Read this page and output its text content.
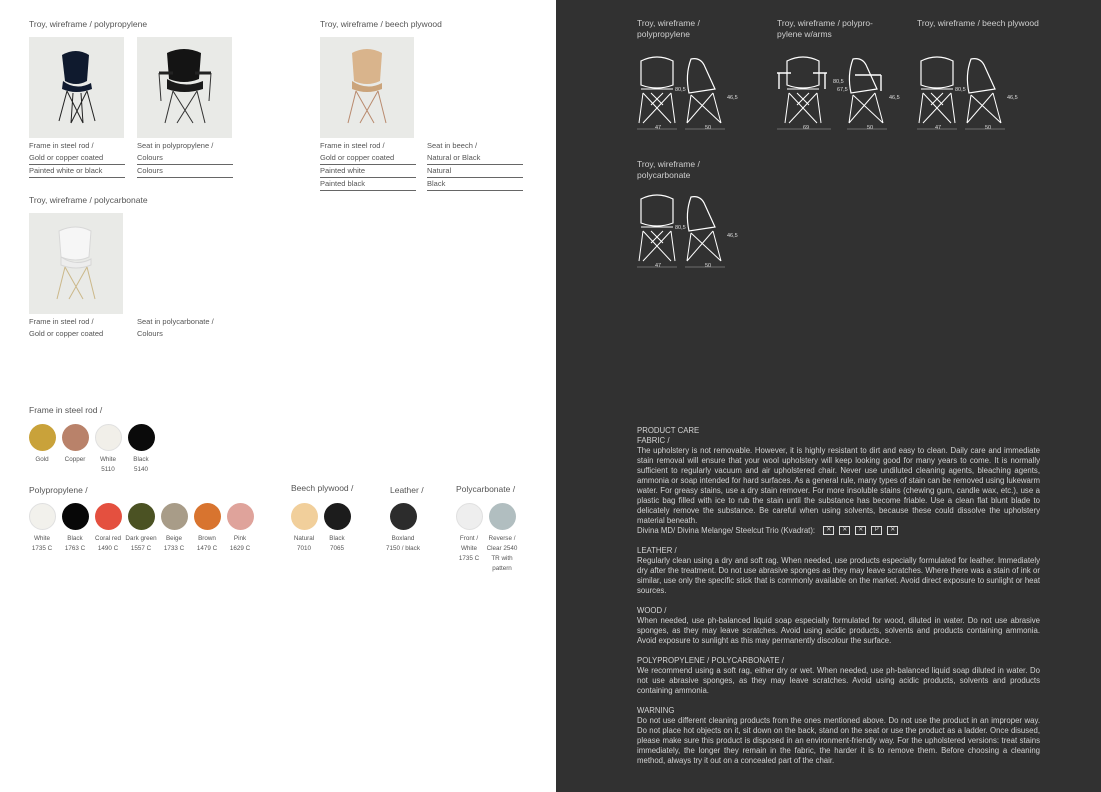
Troy, wireframe / polypropylene	Troy, wireframe / beech plywood
Troy, wireframe / polycarbonate
Frame in steel rod /
Gold or copper coated
Painted white or black
Seat in polypropylene /
Colours
Colours
Frame in steel rod /
Gold or copper coated
Painted white
Painted black
Seat in beech /
Natural or Black
Natural
Black
Frame in steel rod /
Gold or copper coated
Seat in polycarbonate /
Colours
Frame in steel rod /
Polypropylene /	Beech plywood /	Leather /	Polycarbonate /
Gold	Copper	White
5110
Black
5140
White
1735 C
Black
1763 C
Coral red
1490 C
Dark green
1557 C
Beige
1733 C
Brown
1479 C
Pink
1629 C
Natural
7010
Black
7065
Boxland
7150 / black
Front /
White
1735 C
Reverse /
Clear 2540
TR with
pattern
Troy, wireframe /
polypropylene
Troy, wireframe / polypro-
pylene w/arms
Troy, wireframe / beech plywood
Troy, wireframe /
polycarbonate
80,5
46,5
47	50
67,5
80,5
46,5
69	50
80,5
46,5
47	50
80,5
46,5
47	50
PRODUCT CARE
FABRIC /

The upholstery is not removable. However, it is highly resistant to dirt and easy to clean. Daily care and immediate stain removal will ensure that your wool upholstery will keep looking good for many years to come. It is normally sufficient to regularly vacuum and air upholstered chair. Never use undiluted cleaning agents, bleaching agents, ammonia or soap intended for hard surfaces. As a general rule, many types of stain can be removed using lukewarm water. For greasy stains, use a dry stain remover. For more insoluble stains (chewing gum, candle wax, etc.), use a plastic bag filled with ice to rub the stain until the substance has become friable. Use a clean flat blunt blade to delicately remove the substance. Be careful when using solvents, because these could dissolve the upholstery material beneath.

Divina MD/ Divina Melange/ Steelcut Trio (Kvadrat):	✕	✕	✕	P	✕
LEATHER /

Regularly clean using a dry and soft rag. When needed, use products especially formulated for leather. Immediately dry after the treatment. Do not use abrasive sponges as they may leave scratches. Where there was a stain of ink or similar, use only the specific stick that is commonly available on the market. Avoid direct exposure to sunlight or heat sources.

WOOD /

When needed, use ph-balanced liquid soap especially formulated for wood, diluted in water. Do not use abrasive sponges, as they may leave scratches. Avoid using acidic products, solvents and products containing ammonia. Avoid exposure to sunlight as this may permanently discolour the surface.

POLYPROPYLENE / POLYCARBONATE /

We recommend using a soft rag, either dry or wet. When needed, use ph-balanced liquid soap diluted in water. Do not use abrasive sponges, as they may leave scratches. Avoid using acidic products, solvents and products containing ammonia.

WARNING

Do not use different cleaning products from the ones mentioned above. Do not use the product in an improper way. Do not place hot objects on it, sit down on the back, stand on the seat or use the product as a ladder. Once disused, please make sure this product is disposed in an environment-friendly way. For the upholstered versions: treat stains immediately, the longer they remain in the fabric, the harder it is to remove them. Before choosing a cleaning method, always try it out on a concealed part of the chair.
